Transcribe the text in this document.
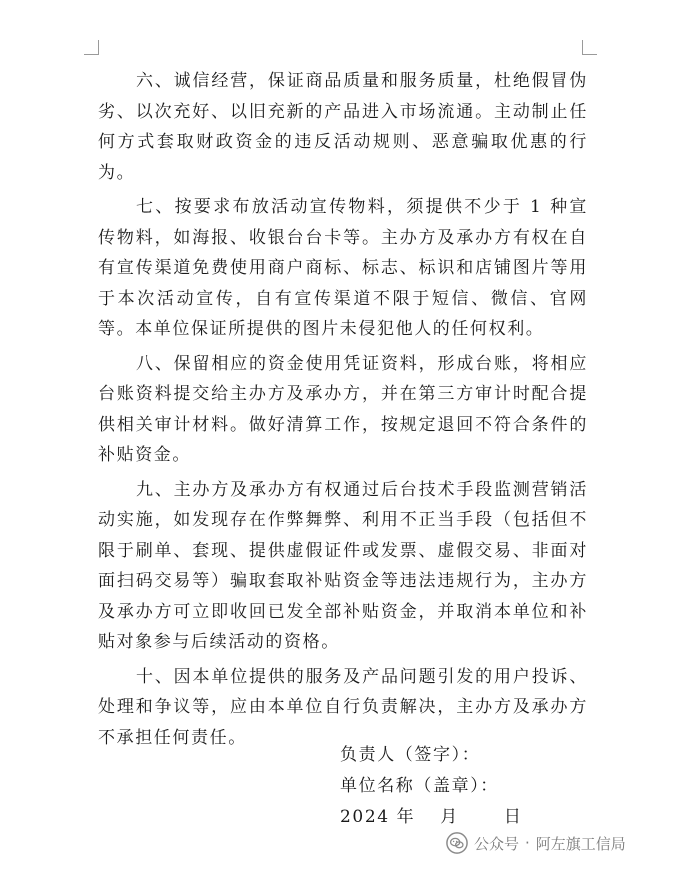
六、诚信经营，保证商品质量和服务质量，杜绝假冒伪劣、以次充好、以旧充新的产品进入市场流通。主动制止任何方式套取财政资金的违反活动规则、恶意骗取优惠的行为。

七、按要求布放活动宣传物料，须提供不少于 1 种宣传物料，如海报、收银台台卡等。主办方及承办方有权在自有宣传渠道免费使用商户商标、标志、标识和店铺图片等用于本次活动宣传，自有宣传渠道不限于短信、微信、官网等。本单位保证所提供的图片未侵犯他人的任何权利。

八、保留相应的资金使用凭证资料，形成台账，将相应台账资料提交给主办方及承办方，并在第三方审计时配合提供相关审计材料。做好清算工作，按规定退回不符合条件的补贴资金。

九、主办方及承办方有权通过后台技术手段监测营销活动实施，如发现存在作弊舞弊、利用不正当手段（包括但不限于刷单、套现、提供虚假证件或发票、虚假交易、非面对面扫码交易等）骗取套取补贴资金等违法违规行为，主办方及承办方可立即收回已发全部补贴资金，并取消本单位和补贴对象参与后续活动的资格。

十、因本单位提供的服务及产品问题引发的用户投诉、处理和争议等，应由本单位自行负责解决，主办方及承办方不承担任何责任。

负责人（签字）：
单位名称（盖章）：
2024 年 月	日
公众号 · 阿左旗工信局
